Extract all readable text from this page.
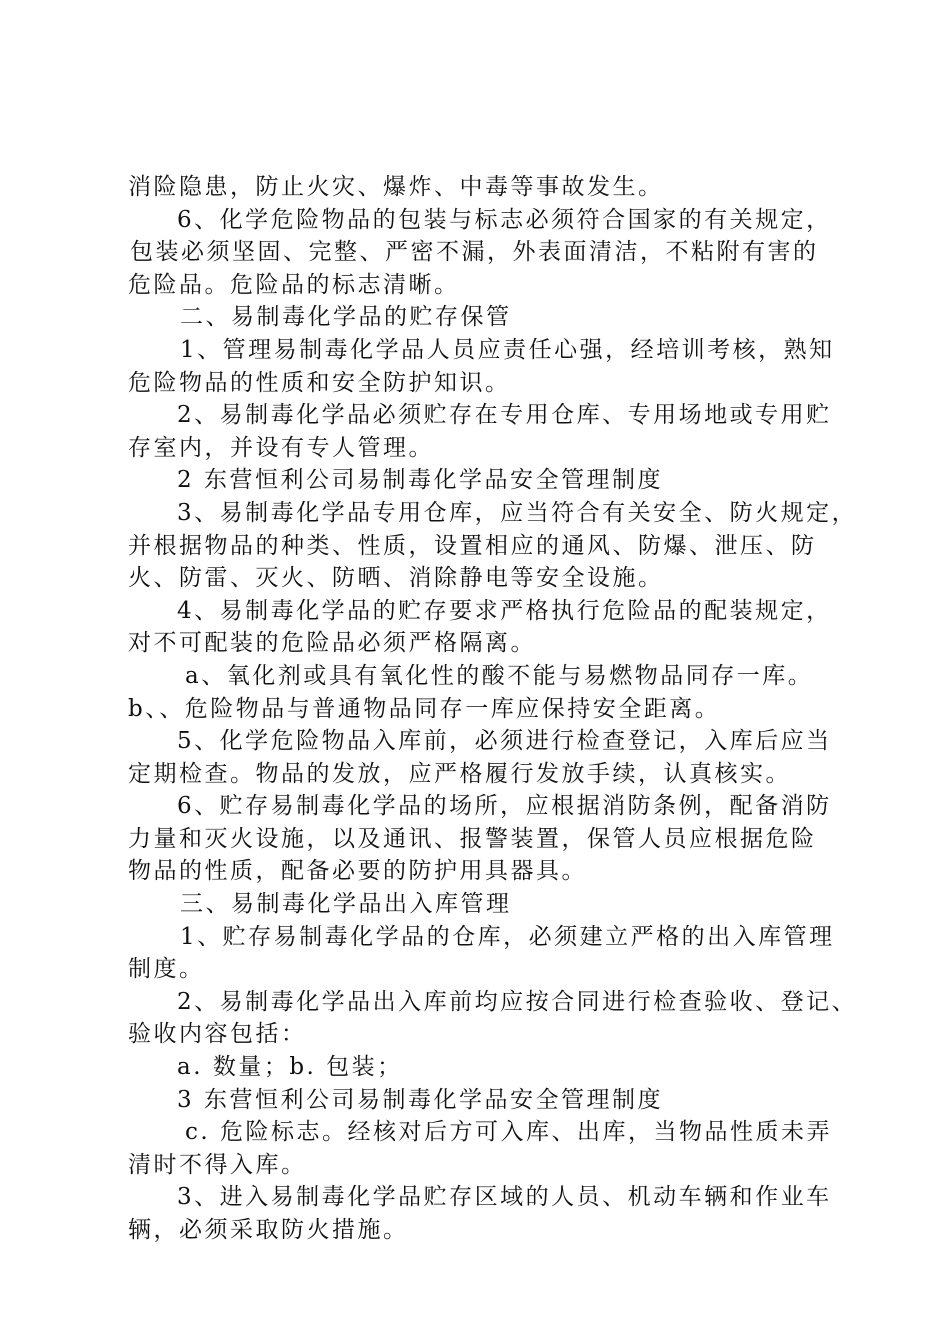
消险隐患，防止火灾、爆炸、中毒等事故发生。
6、化学危险物品的包装与标志必须符合国家的有关规定，
包装必须坚固、完整、严密不漏，外表面清洁，不粘附有害的
危险品。危险品的标志清晰。
二、易制毒化学品的贮存保管
1、管理易制毒化学品人员应责任心强，经培训考核，熟知
危险物品的性质和安全防护知识。
2、易制毒化学品必须贮存在专用仓库、专用场地或专用贮
存室内，并设有专人管理。
2 东营恒利公司易制毒化学品安全管理制度
3、易制毒化学品专用仓库，应当符合有关安全、防火规定，
并根据物品的种类、性质，设置相应的通风、防爆、泄压、防
火、防雷、灭火、防晒、消除静电等安全设施。
4、易制毒化学品的贮存要求严格执行危险品的配装规定，
对不可配装的危险品必须严格隔离。
a、氧化剂或具有氧化性的酸不能与易燃物品同存一库。
b、、危险物品与普通物品同存一库应保持安全距离。
5、化学危险物品入库前，必须进行检查登记，入库后应当
定期检查。物品的发放，应严格履行发放手续，认真核实。
6、贮存易制毒化学品的场所，应根据消防条例，配备消防
力量和灭火设施，以及通讯、报警装置，保管人员应根据危险
物品的性质，配备必要的防护用具器具。
三、易制毒化学品出入库管理
1、贮存易制毒化学品的仓库，必须建立严格的出入库管理
制度。
2、易制毒化学品出入库前均应按合同进行检查验收、登记、
验收内容包括：
a. 数量；b. 包装；
3 东营恒利公司易制毒化学品安全管理制度
c. 危险标志。经核对后方可入库、出库，当物品性质未弄
清时不得入库。
3、进入易制毒化学品贮存区域的人员、机动车辆和作业车
辆，必须采取防火措施。
